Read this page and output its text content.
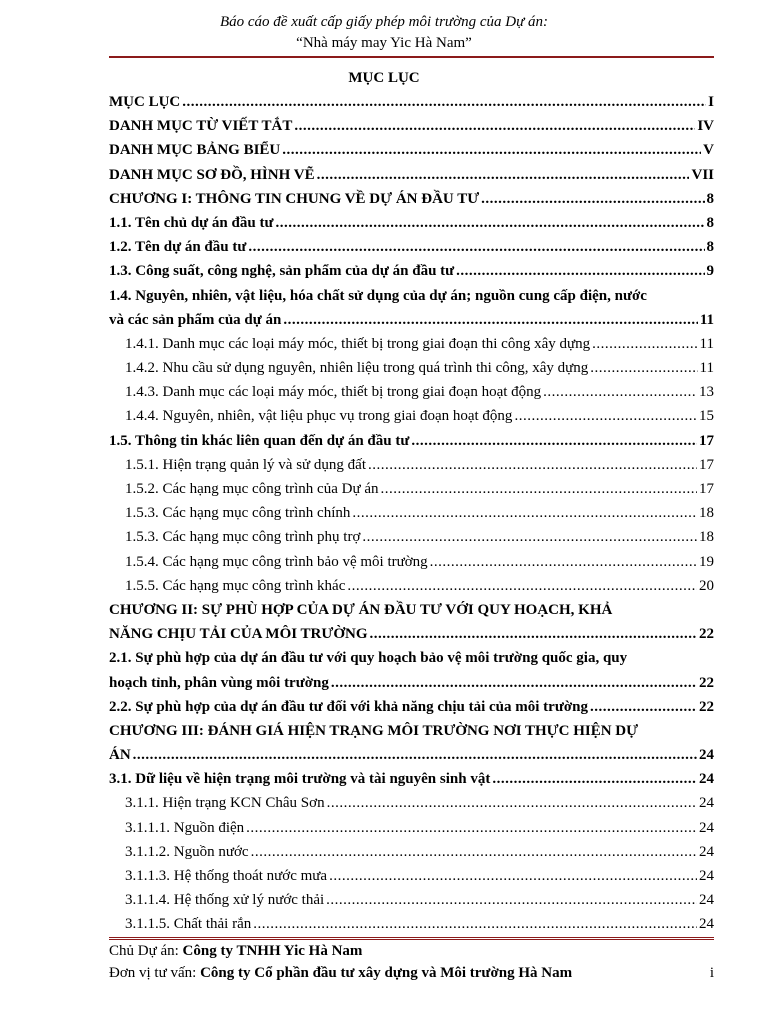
Báo cáo đề xuất cấp giấy phép môi trường của Dự án:
“Nhà máy may Yic Hà Nam”
MỤC LỤC
MỤC LỤC .....	I
DANH MỤC TỪ VIẾT TẮT .....	IV
DANH MỤC BẢNG BIỂU .....	V
DANH MỤC SƠ ĐỒ, HÌNH VẼ .....	VII
CHƯƠNG I: THÔNG TIN CHUNG VỀ DỰ ÁN ĐẦU TƯ .....	8
1.1. Tên chủ dự án đầu tư .....	8
1.2. Tên dự án đầu tư .....	8
1.3. Công suất, công nghệ, sản phẩm của dự án đầu tư .....	9
1.4. Nguyên, nhiên, vật liệu, hóa chất sử dụng của dự án; nguồn cung cấp điện, nước
và các sản phẩm của dự án .....	11
1.4.1. Danh mục các loại máy móc, thiết bị trong giai đoạn thi công xây dựng .....	11
1.4.2. Nhu cầu sử dụng nguyên, nhiên liệu trong quá trình thi công, xây dựng .....	11
1.4.3. Danh mục các loại máy móc, thiết bị trong giai đoạn hoạt động .....	13
1.4.4. Nguyên, nhiên, vật liệu phục vụ trong giai đoạn hoạt động .....	15
1.5. Thông tin khác liên quan đến dự án đầu tư .....	17
1.5.1. Hiện trạng quản lý và sử dụng đất .....	17
1.5.2. Các hạng mục công trình của Dự án .....	17
1.5.3. Các hạng mục công trình chính .....	18
1.5.3. Các hạng mục công trình phụ trợ .....	18
1.5.4. Các hạng mục công trình bảo vệ môi trường .....	19
1.5.5. Các hạng mục công trình khác .....	20
CHƯƠNG II: SỰ PHÙ HỢP CỦA DỰ ÁN ĐẦU TƯ VỚI QUY HOẠCH, KHẢ
NĂNG CHỊU TẢI CỦA MÔI TRƯỜNG .....	22
2.1. Sự phù hợp của dự án đầu tư với quy hoạch bảo vệ môi trường quốc gia, quy
hoạch tỉnh, phân vùng môi trường .....	22
2.2. Sự phù hợp của dự án đầu tư đối với khả năng chịu tải của môi trường .....	22
CHƯƠNG III: ĐÁNH GIÁ HIỆN TRẠNG MÔI TRƯỜNG NƠI THỰC HIỆN DỰ
ÁN .....	24
3.1. Dữ liệu về hiện trạng môi trường và tài nguyên sinh vật .....	24
3.1.1. Hiện trạng KCN Châu Sơn .....	24
3.1.1.1. Nguồn điện .....	24
3.1.1.2. Nguồn nước .....	24
3.1.1.3. Hệ thống thoát nước mưa .....	24
3.1.1.4. Hệ thống xử lý nước thải .....	24
3.1.1.5. Chất thải rắn .....	24
Chủ Dự án: Công ty TNHH Yic Hà Nam
Đơn vị tư vấn: Công ty Cổ phần đầu tư xây dựng và Môi trường Hà Nam	i
